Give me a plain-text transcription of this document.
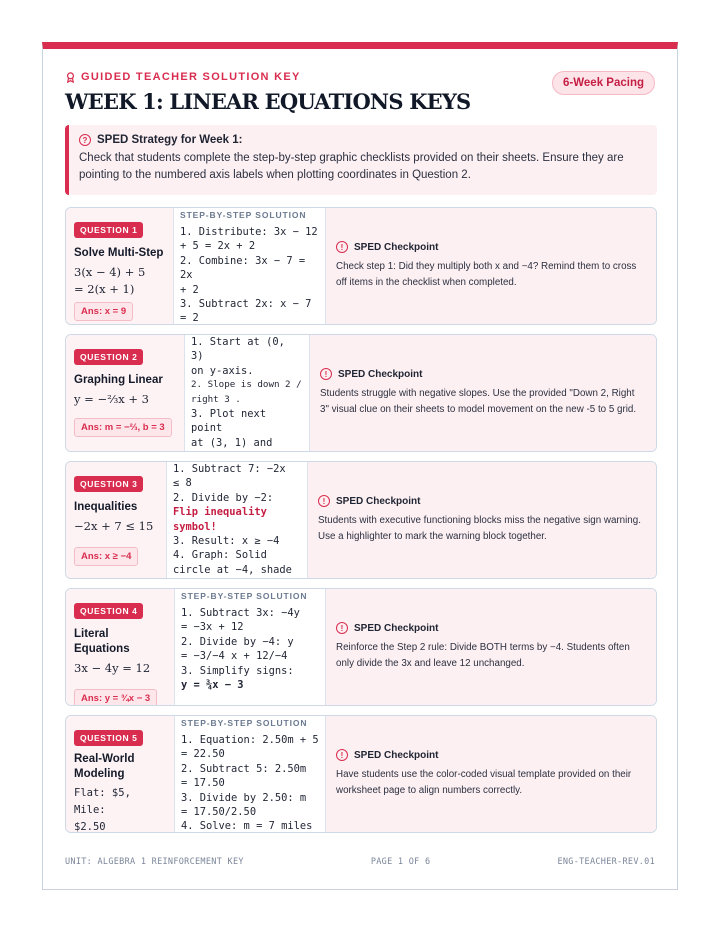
GUIDED TEACHER SOLUTION KEY
WEEK 1: LINEAR EQUATIONS KEYS
6-Week Pacing
? SPED Strategy for Week 1:
Check that students complete the step-by-step graphic checklists provided on their sheets. Ensure they are pointing to the numbered axis labels when plotting coordinates in Question 2.
QUESTION 1
Solve Multi-Step
3(x − 4) + 5
= 2(x + 1)
Ans: x = 9
STEP-BY-STEP SOLUTION
1. Distribute: 3x − 12
+ 5 = 2x + 2
2. Combine: 3x − 7 = 2x
+ 2
3. Subtract 2x: x − 7
= 2
!	SPED Checkpoint
Check step 1: Did they multiply both x and −4? Remind them to cross off items in the checklist when completed.
QUESTION 2
Graphing Linear
y = −⅔x + 3
Ans: m = −⅔, b = 3
1. Start at (0, 3)
on y-axis.
2. Slope is down 2 / right 3 .
3. Plot next point
at (3, 1) and
!	SPED Checkpoint
Students struggle with negative slopes. Use the provided "Down 2, Right 3" visual clue on their sheets to model movement on the new -5 to 5 grid.
QUESTION 3
Inequalities
−2x + 7 ≤ 15
Ans: x ≥ −4
1. Subtract 7: −2x
≤ 8
2. Divide by −2:
Flip inequality
symbol!
3. Result: x ≥ −4
4. Graph: Solid
circle at −4, shade
!	SPED Checkpoint
Students with executive functioning blocks miss the negative sign warning. Use a highlighter to mark the warning block together.
QUESTION 4
Literal Equations
3x − 4y = 12
Ans: y = ¾x − 3
STEP-BY-STEP SOLUTION
1. Subtract 3x: −4y
= −3x + 12
2. Divide by −4: y
= −3/−4 x + 12/−4
3. Simplify signs:
y = ¾x − 3
!	SPED Checkpoint
Reinforce the Step 2 rule: Divide BOTH terms by −4. Students often only divide the 3x and leave 12 unchanged.
QUESTION 5
Real-World Modeling
Flat: $5, Mile:
$2.50
STEP-BY-STEP SOLUTION
1. Equation: 2.50m + 5
= 22.50
2. Subtract 5: 2.50m
= 17.50
3. Divide by 2.50: m
= 17.50/2.50
4. Solve: m = 7 miles
!	SPED Checkpoint
Have students use the color-coded visual template provided on their worksheet page to align numbers correctly.
UNIT: ALGEBRA 1 REINFORCEMENT KEY	PAGE 1 OF 6	ENG-TEACHER-REV.01
